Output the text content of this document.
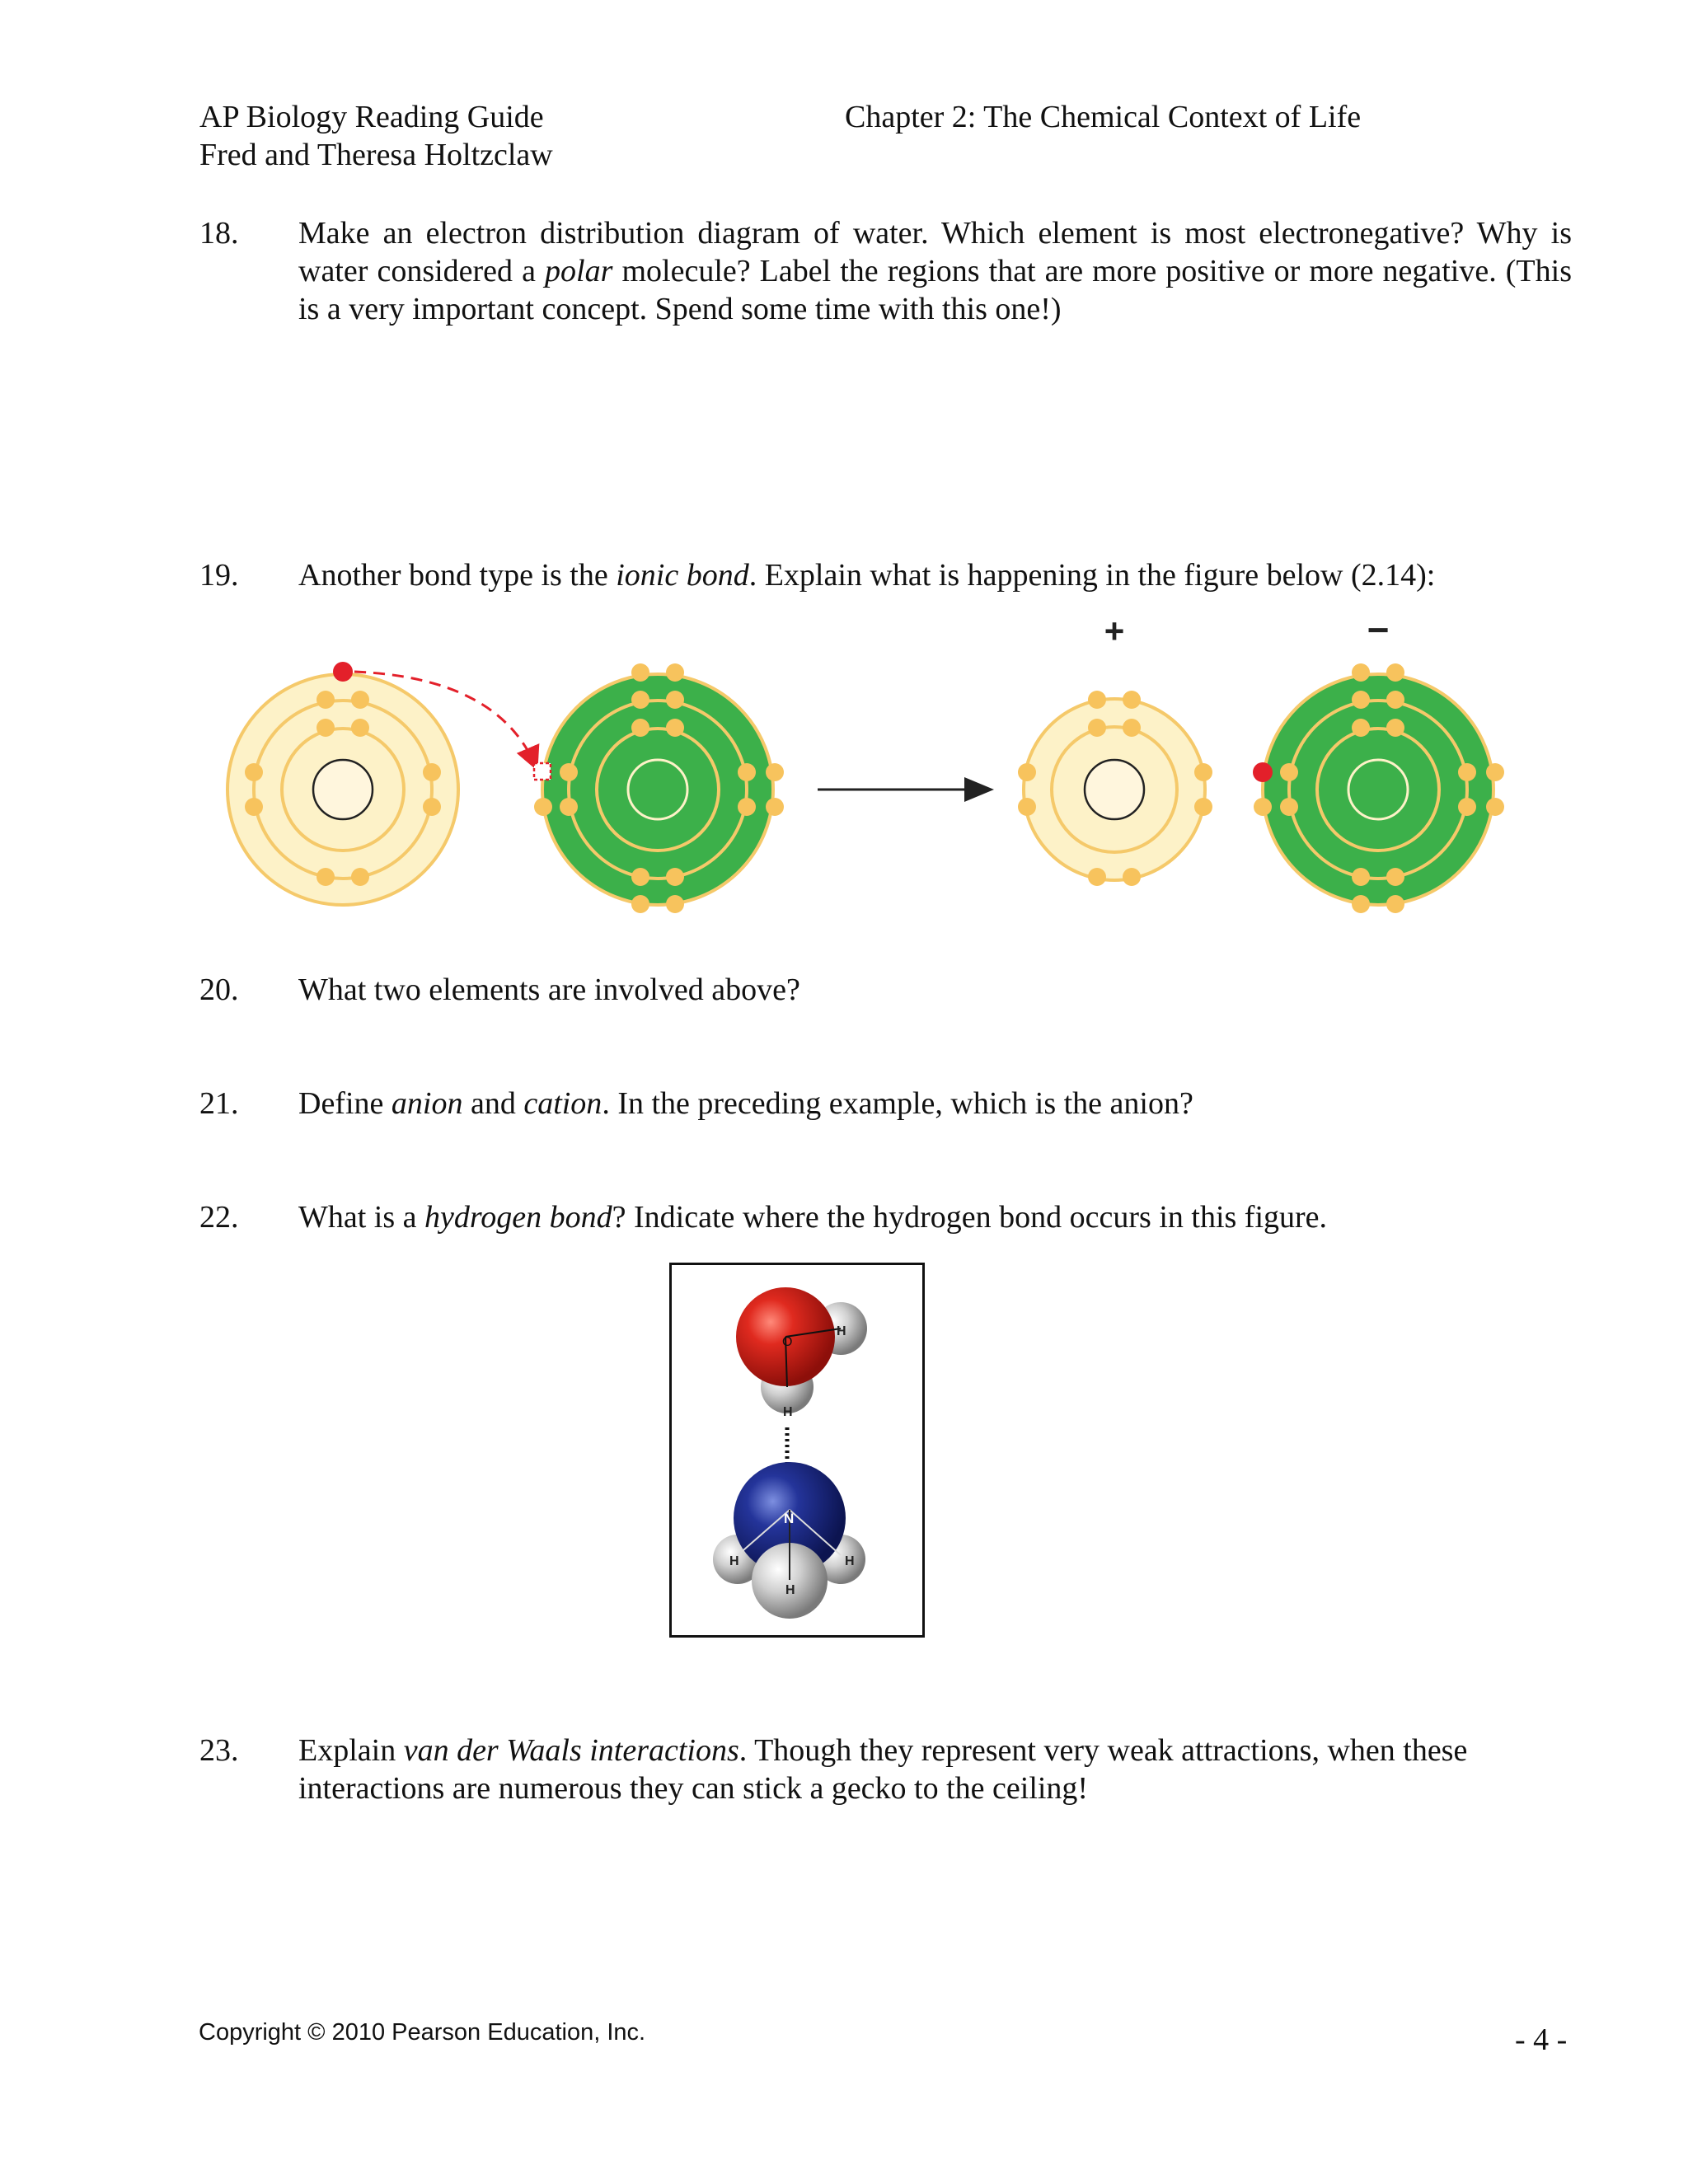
AP Biology Reading Guide
Fred and Theresa Holtzclaw
Chapter 2: The Chemical Context of Life
18. Make an electron distribution diagram of water. Which element is most electronegative? Why is water considered a polar molecule? Label the regions that are more positive or more negative. (This is a very important concept. Spend some time with this one!)
19. Another bond type is the ionic bond. Explain what is happening in the figure below (2.14):
+	−
20. What two elements are involved above?
21. Define anion and cation. In the preceding example, which is the anion?
22. What is a hydrogen bond? Indicate where the hydrogen bond occurs in this figure.
O
H
H
N
H	H
H
23. Explain van der Waals interactions. Though they represent very weak attractions, when these interactions are numerous they can stick a gecko to the ceiling!
Copyright © 2010 Pearson Education, Inc.	- 4 -
